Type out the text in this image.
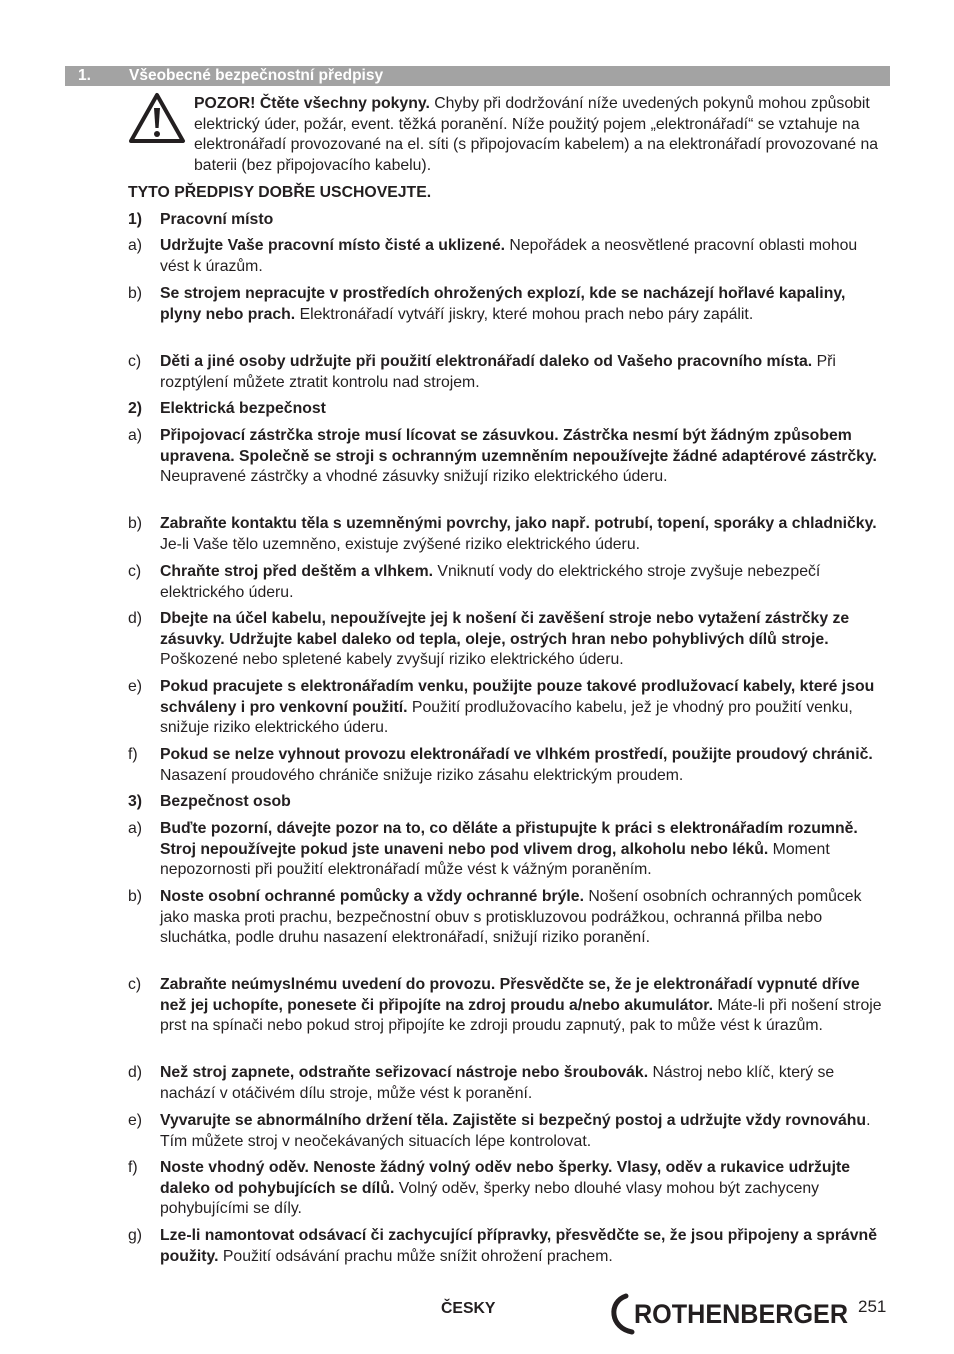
1. Všeobecné bezpečnostní předpisy

POZOR! Čtěte všechny pokyny. Chyby při dodržování níže uvedených pokynů mohou způsobit elektrický úder, požár, event. těžká poranění. Níže použitý pojem „elektronářadí“ se vztahuje na elektronářadí provozované na el. síti (s připojovacím kabelem) a na elektronářadí provozované na baterii (bez připojovacího kabelu).

TYTO PŘEDPISY DOBŘE USCHOVEJTE.

1) Pracovní místo

a) Udržujte Vaše pracovní místo čisté a uklizené. Nepořádek a neosvětlené pracovní oblasti mohou vést k úrazům.

b) Se strojem nepracujte v prostředích ohrožených explozí, kde se nacházejí hořlavé kapaliny, plyny nebo prach. Elektronářadí vytváří jiskry, které mohou prach nebo páry zapálit.

c) Děti a jiné osoby udržujte při použití elektronářadí daleko od Vašeho pracovního místa. Při rozptýlení můžete ztratit kontrolu nad strojem.

2) Elektrická bezpečnost

a) Připojovací zástrčka stroje musí lícovat se zásuvkou. Zástrčka nesmí být žádným způsobem upravena. Společně se stroji s ochranným uzemněním nepoužívejte žádné adaptérové zástrčky. Neupravené zástrčky a vhodné zásuvky snižují riziko elektrického úderu.

b) Zabraňte kontaktu těla s uzemněnými povrchy, jako např. potrubí, topení, sporáky a chladničky. Je-li Vaše tělo uzemněno, existuje zvýšené riziko elektrického úderu.

c) Chraňte stroj před deštěm a vlhkem. Vniknutí vody do elektrického stroje zvyšuje nebezpečí elektrického úderu.

d) Dbejte na účel kabelu, nepoužívejte jej k nošení či zavěšení stroje nebo vytažení zástrčky ze zásuvky. Udržujte kabel daleko od tepla, oleje, ostrých hran nebo pohyblivých dílů stroje. Poškozené nebo spletené kabely zvyšují riziko elektrického úderu.

e) Pokud pracujete s elektronářadím venku, použijte pouze takové prodlužovací kabely, které jsou schváleny i pro venkovní použití. Použití prodlužovacího kabelu, jež je vhodný pro použití venku, snižuje riziko elektrického úderu.

f) Pokud se nelze vyhnout provozu elektronářadí ve vlhkém prostředí, použijte proudový chránič. Nasazení proudového chrániče snižuje riziko zásahu elektrickým proudem.

3) Bezpečnost osob

a) Buďte pozorní, dávejte pozor na to, co děláte a přistupujte k práci s elektronářadím rozumně. Stroj nepoužívejte pokud jste unaveni nebo pod vlivem drog, alkoholu nebo léků. Moment nepozornosti při použití elektronářadí může vést k vážným poraněním.

b) Noste osobní ochranné pomůcky a vždy ochranné brýle. Nošení osobních ochranných pomůcek jako maska proti prachu, bezpečnostní obuv s protiskluzovou podrážkou, ochranná přilba nebo sluchátka, podle druhu nasazení elektronářadí, snižují riziko poranění.

c) Zabraňte neúmyslnému uvedení do provozu. Přesvědčte se, že je elektronářadí vypnuté dříve než jej uchopíte, ponesete či připojíte na zdroj proudu a/nebo akumulátor. Máte-li při nošení stroje prst na spínači nebo pokud stroj připojíte ke zdroji proudu zapnutý, pak to může vést k úrazům.

d) Než stroj zapnete, odstraňte seřizovací nástroje nebo šroubovák. Nástroj nebo klíč, který se nachází v otáčivém dílu stroje, může vést k poranění.

e) Vyvarujte se abnormálního držení těla. Zajistěte si bezpečný postoj a udržujte vždy rovnováhu. Tím můžete stroj v neočekávaných situacích lépe kontrolovat.

f) Noste vhodný oděv. Nenoste žádný volný oděv nebo šperky. Vlasy, oděv a rukavice udržujte daleko od pohybujících se dílů. Volný oděv, šperky nebo dlouhé vlasy mohou být zachyceny pohybujícími se díly.

g) Lze-li namontovat odsávací či zachycující přípravky, přesvědčte se, že jsou připojeny a správně použity. Použití odsávání prachu může snížit ohrožení prachem.

ČESKY	ROTHENBERGER 251
